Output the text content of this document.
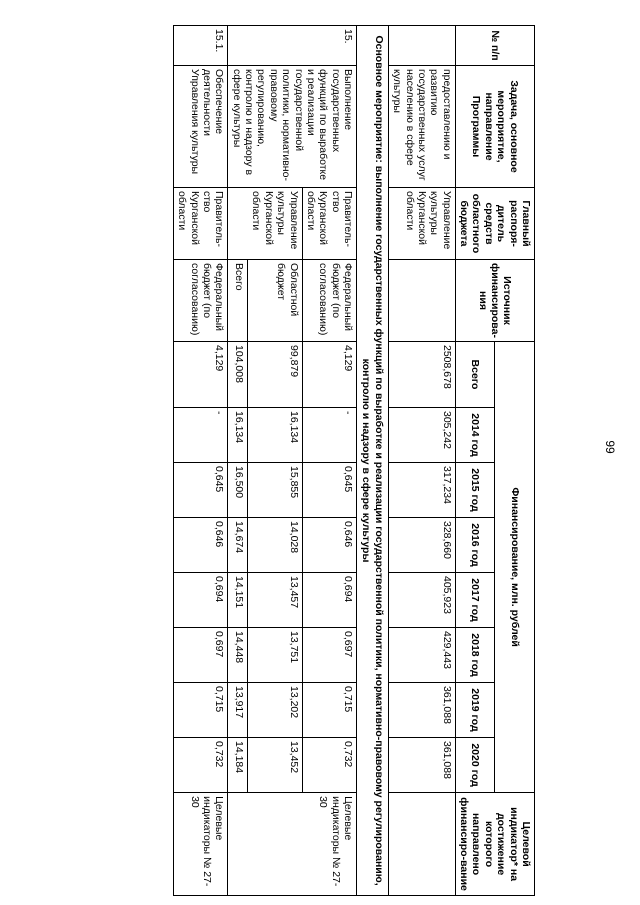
99
№ п/п	Задача, основное мероприятие, направление Программы	Главный распоря-дитель средств областного бюджета	Источник финансирова-ния	Финансирование, млн. рублей								Целевой индикатор* на достижение которого направлено финансиро-вание
				Всего	2014 год	2015 год	2016 год	2017 год	2018 год	2019 год	2020 год	
	предоставлению и развитию государственных услуг населению в сфере культуры	Управление культуры Курганской области		2508,678	305,242	317,234	328,660	405,923	429,443	361,088	361,088	
Основное мероприятие: выполнение государственных функций по выработке и реализации государственной политики, нормативно-правовому регулированию, контролю и надзору в сфере культуры												
15.	Выполнение государственных функций по выработке и реализации государственной политики, нормативно-правовому регулированию, контролю и надзору в сфере культуры	Правитель-ство Курганской области	Федеральный бюджет (по согласованию)	4,129	-	0,645	0,646	0,694	0,697	0,715	0,732	Целевые индикаторы № 27-30
		Управление культуры Курганской области	Областной бюджет	99,879	16,134	15,855	14,028	13,457	13,751	13,202	13,452	
			Всего	104,008	16,134	16,500	14,674	14,151	14,448	13,917	14,184	
15.1.	Обеспечение деятельности Управления культуры	Правитель-ство Курганской области	Федеральный бюджет (по согласованию)	4,129	-	0,645	0,646	0,694	0,697	0,715	0,732	Целевые индикаторы № 27-30
